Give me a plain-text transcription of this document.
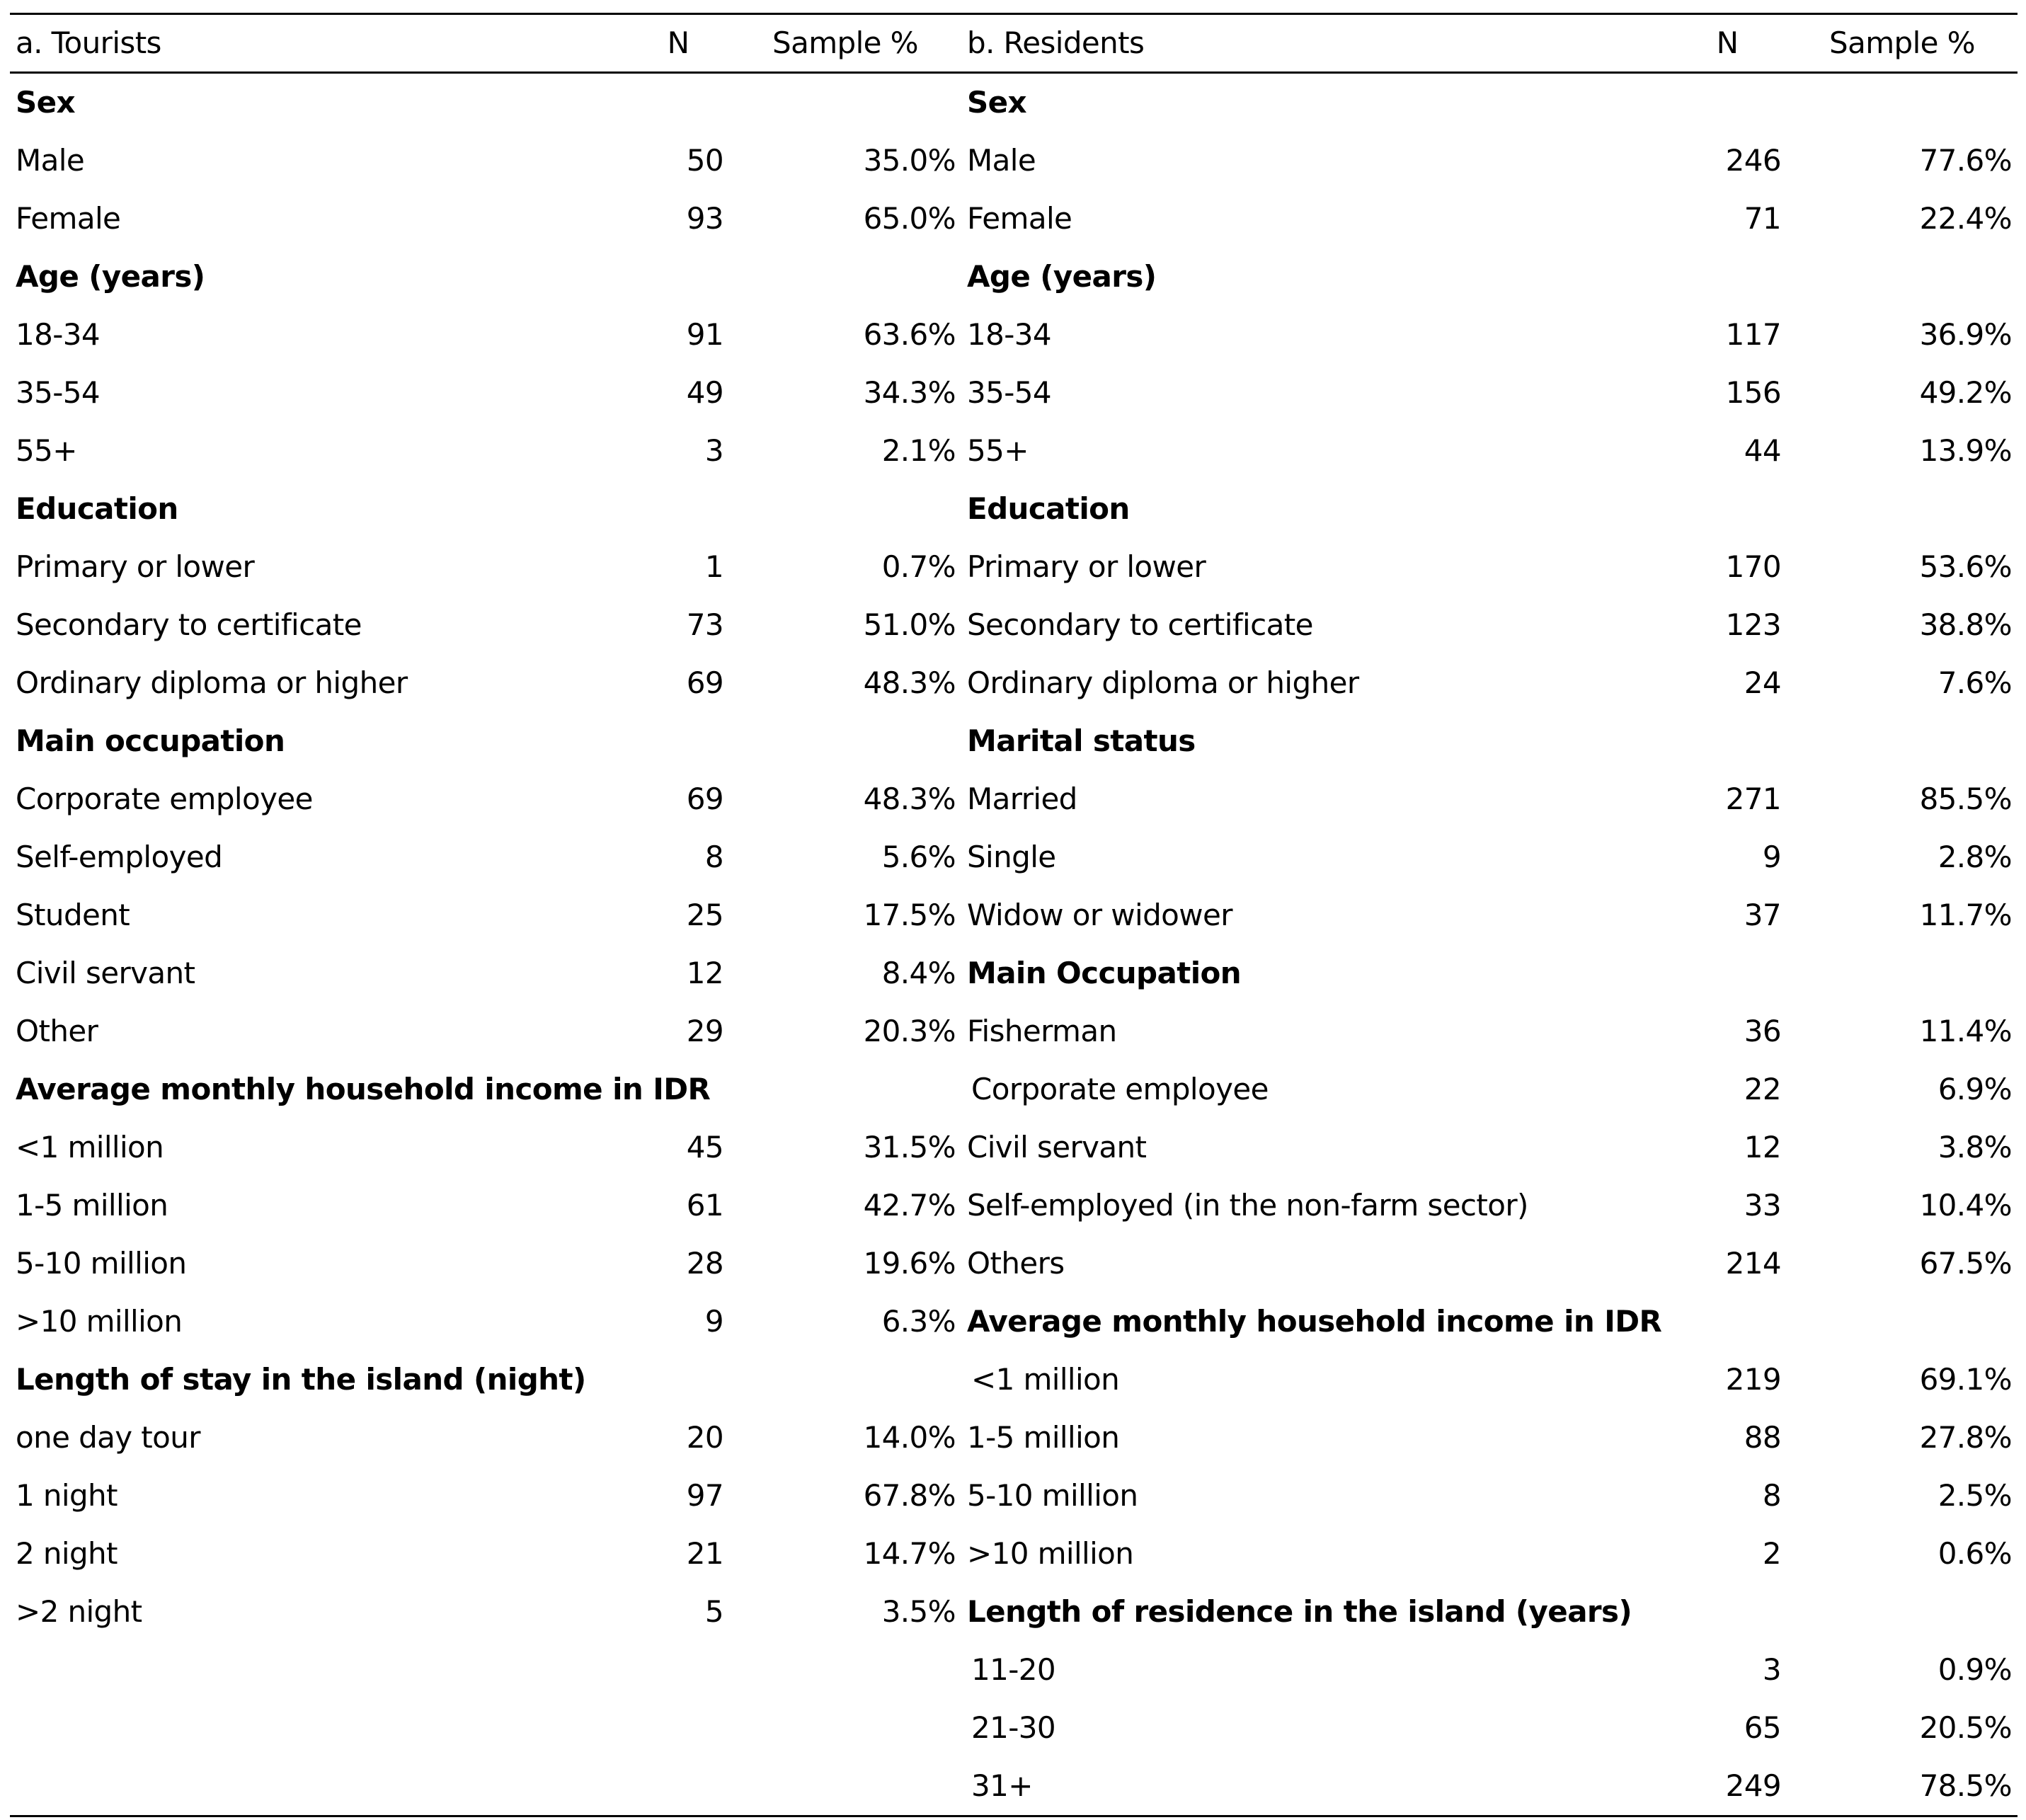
a. Tourists	N	Sample %	b. Residents	N	Sample %
Sex			Sex		
Male	50	35.0%	Male	246	77.6%
Female	93	65.0%	Female	71	22.4%
Age (years)			Age (years)		
18-34	91	63.6%	18-34	117	36.9%
35-54	49	34.3%	35-54	156	49.2%
55+	3	2.1%	55+	44	13.9%
Education			Education		
Primary or lower	1	0.7%	Primary or lower	170	53.6%
Secondary to certificate	73	51.0%	Secondary to certificate	123	38.8%
Ordinary diploma or higher	69	48.3%	Ordinary diploma or higher	24	7.6%
Main occupation			Marital status		
Corporate employee	69	48.3%	Married	271	85.5%
Self-employed	8	5.6%	Single	9	2.8%
Student	25	17.5%	Widow or widower	37	11.7%
Civil servant	12	8.4%	Main Occupation		
Other	29	20.3%	Fisherman	36	11.4%
Average monthly household income in IDR			Corporate employee	22	6.9%
<1 million	45	31.5%	Civil servant	12	3.8%
1-5 million	61	42.7%	Self-employed (in the non-farm sector)	33	10.4%
5-10 million	28	19.6%	Others	214	67.5%
>10 million	9	6.3%	Average monthly household income in IDR		
Length of stay in the island (night)			<1 million	219	69.1%
one day tour	20	14.0%	1-5 million	88	27.8%
1 night	97	67.8%	5-10 million	8	2.5%
2 night	21	14.7%	>10 million	2	0.6%
>2 night	5	3.5%	Length of residence in the island (years)		
			11-20	3	0.9%
			21-30	65	20.5%
			31+	249	78.5%
